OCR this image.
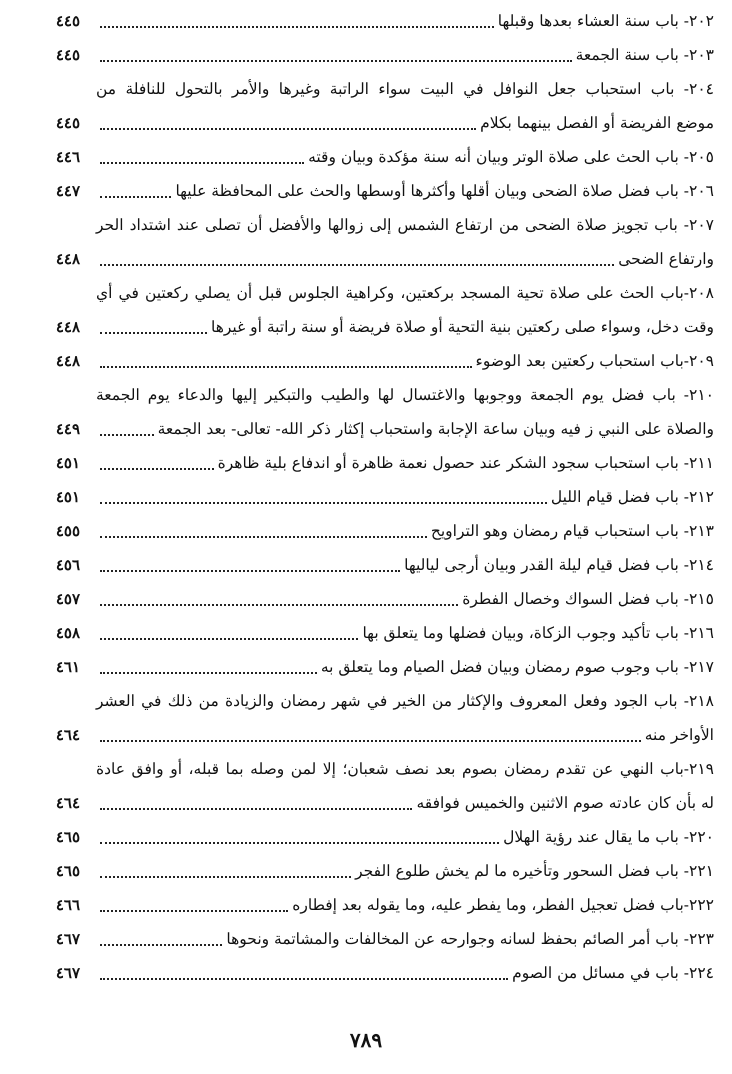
٢٠٢- باب سنة العشاء بعدها وقبلها
٤٤٥
٢٠٣- باب سنة الجمعة
٤٤٥
٢٠٤- باب استحباب جعل النوافل في البيت سواء الراتبة وغيرها والأمر بالتحول للنافلة من
موضع الفريضة أو الفصل بينهما بكلام
٤٤٥
٢٠٥- باب الحث على صلاة الوتر وبيان أنه سنة مؤكدة وبيان وقته
٤٤٦
٢٠٦- باب فضل صلاة الضحى وبيان أقلها وأكثرها أوسطها والحث على المحافظة عليها
٤٤٧
٢٠٧- باب تجويز صلاة الضحى من ارتفاع الشمس إلى زوالها والأفضل أن تصلى عند اشتداد الحر
وارتفاع الضحى
٤٤٨
٢٠٨-باب الحث على صلاة تحية المسجد بركعتين، وكراهية الجلوس قبل أن يصلي ركعتين في أي
وقت دخل، وسواء صلى ركعتين بنية التحية أو صلاة فريضة أو سنة راتبة أو غيرها
٤٤٨
٢٠٩-باب استحباب ركعتين بعد الوضوء
٤٤٨
٢١٠- باب فضل يوم الجمعة ووجوبها والاغتسال لها والطيب والتبكير إليها والدعاء يوم الجمعة
والصلاة على النبي ز فيه وبيان ساعة الإجابة واستحباب إكثار ذكر الله- تعالى- بعد الجمعة
٤٤٩
٢١١- باب استحباب سجود الشكر عند حصول نعمة ظاهرة أو اندفاع بلية ظاهرة
٤٥١
٢١٢- باب فضل قيام الليل
٤٥١
٢١٣- باب استحباب قيام رمضان وهو التراويح
٤٥٥
٢١٤- باب فضل قيام ليلة القدر وبيان أرجى لياليها
٤٥٦
٢١٥- باب فضل السواك وخصال الفطرة
٤٥٧
٢١٦- باب تأكيد وجوب الزكاة، وبيان فضلها وما يتعلق بها
٤٥٨
٢١٧- باب وجوب صوم رمضان وبيان فضل الصيام وما يتعلق به
٤٦١
٢١٨- باب الجود وفعل المعروف والإكثار من الخير في شهر رمضان والزيادة من ذلك في العشر
الأواخر منه
٤٦٤
٢١٩-باب النهي عن تقدم رمضان بصوم بعد نصف شعبان؛ إلا لمن وصله بما قبله، أو وافق عادة
له بأن كان عادته صوم الاثنين والخميس فوافقه
٤٦٤
٢٢٠- باب ما يقال عند رؤية الهلال
٤٦٥
٢٢١- باب فضل السحور وتأخيره ما لم يخش طلوع الفجر
٤٦٥
٢٢٢-باب فضل تعجيل الفطر، وما يفطر عليه، وما يقوله بعد إفطاره
٤٦٦
٢٢٣- باب أمر الصائم بحفظ لسانه وجوارحه عن المخالفات والمشاتمة ونحوها
٤٦٧
٢٢٤- باب في مسائل من الصوم
٤٦٧
٧٨٩
